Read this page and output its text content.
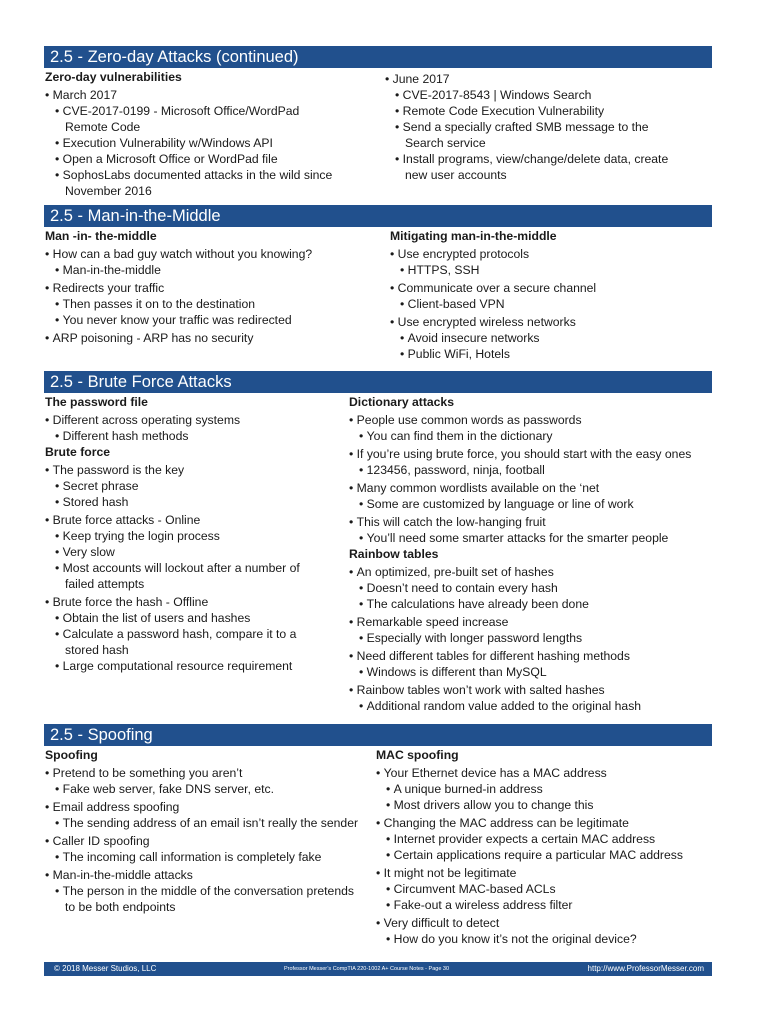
2.5 - Zero-day Attacks (continued)
Zero-day vulnerabilities
• March 2017
• CVE-2017-0199 - Microsoft Office/WordPad Remote Code
• Execution Vulnerability w/Windows API
• Open a Microsoft Office or WordPad file
• SophosLabs documented attacks in the wild since November 2016
• June 2017
• CVE-2017-8543 | Windows Search
• Remote Code Execution Vulnerability
• Send a specially crafted SMB message to the Search service
• Install programs, view/change/delete data, create new user accounts
2.5 - Man-in-the-Middle
Man -in- the-middle
• How can a bad guy watch without you knowing?
• Man-in-the-middle
• Redirects your traffic
• Then passes it on to the destination
• You never know your traffic was redirected
• ARP poisoning - ARP has no security
Mitigating man-in-the-middle
• Use encrypted protocols
• HTTPS, SSH
• Communicate over a secure channel
• Client-based VPN
• Use encrypted wireless networks
• Avoid insecure networks
• Public WiFi, Hotels
2.5 - Brute Force Attacks
The password file
• Different across operating systems
• Different hash methods
Brute force
• The password is the key
• Secret phrase
• Stored hash
• Brute force attacks - Online
• Keep trying the login process
• Very slow
• Most accounts will lockout after a number of failed attempts
• Brute force the hash - Offline
• Obtain the list of users and hashes
• Calculate a password hash, compare it to a stored hash
• Large computational resource requirement
Dictionary attacks
• People use common words as passwords
• You can find them in the dictionary
• If you’re using brute force, you should start with the easy ones
• 123456, password, ninja, football
• Many common wordlists available on the ‘net
• Some are customized by language or line of work
• This will catch the low-hanging fruit
• You’ll need some smarter attacks for the smarter people
Rainbow tables
• An optimized, pre-built set of hashes
• Doesn’t need to contain every hash
• The calculations have already been done
• Remarkable speed increase
• Especially with longer password lengths
• Need different tables for different hashing methods
• Windows is different than MySQL
• Rainbow tables won’t work with salted hashes
• Additional random value added to the original hash
2.5 - Spoofing
Spoofing
• Pretend to be something you aren’t
• Fake web server, fake DNS server, etc.
• Email address spoofing
• The sending address of an email isn’t really the sender
• Caller ID spoofing
• The incoming call information is completely fake
• Man-in-the-middle attacks
• The person in the middle of the conversation pretends to be both endpoints
MAC spoofing
• Your Ethernet device has a MAC address
• A unique burned-in address
• Most drivers allow you to change this
• Changing the MAC address can be legitimate
• Internet provider expects a certain MAC address
• Certain applications require a particular MAC address
• It might not be legitimate
• Circumvent MAC-based ACLs
• Fake-out a wireless address filter
• Very difficult to detect
• How do you know it’s not the original device?
© 2018 Messer Studios, LLC	Professor Messer’s CompTIA 220-1002 A+ Course Notes - Page 30	http://www.ProfessorMesser.com
